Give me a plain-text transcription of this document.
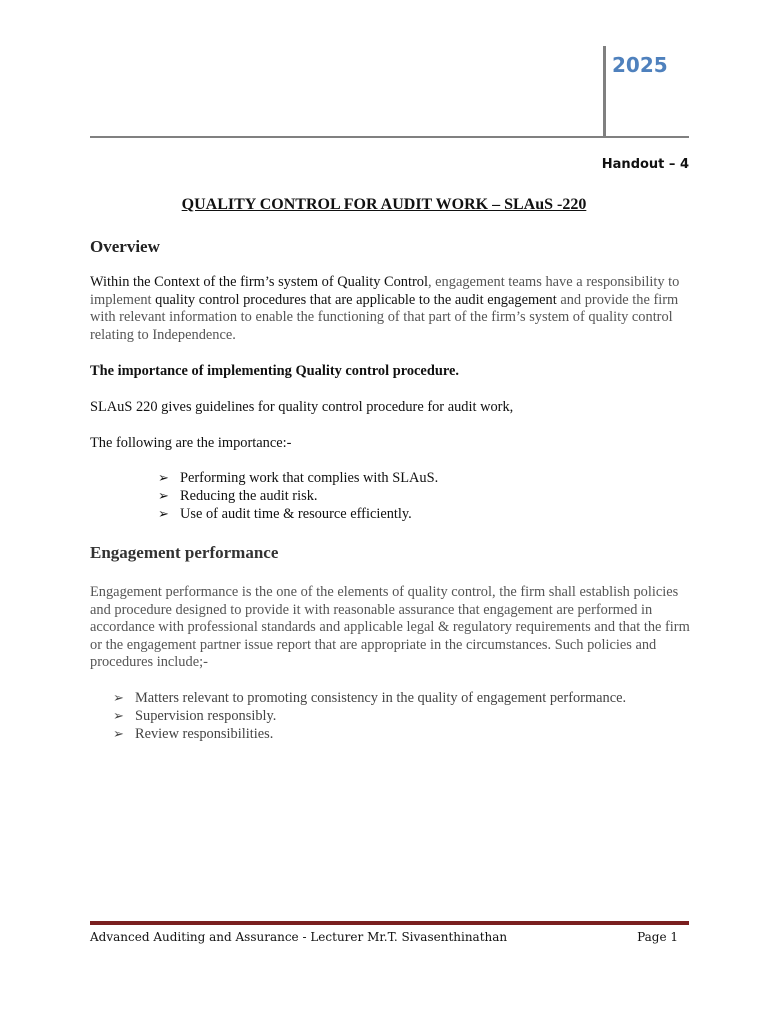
2025
Handout – 4
QUALITY CONTROL FOR AUDIT WORK – SLAuS -220
Overview

Within the Context of the firm’s system of Quality Control, engagement teams have a responsibility to implement quality control procedures that are applicable to the audit engagement and provide the firm with relevant information to enable the functioning of that part of the firm’s system of quality control relating to Independence.

The importance of implementing Quality control procedure.

SLAuS 220 gives guidelines for quality control procedure for audit work,

The following are the importance:-

➢ Performing work that complies with SLAuS.
➢ Reducing the audit risk.
➢ Use of audit time & resource efficiently.
Engagement performance

Engagement performance is the one of the elements of quality control, the firm shall establish policies and procedure designed to provide it with reasonable assurance that engagement are performed in accordance with professional standards and applicable legal & regulatory requirements and that the firm or the engagement partner issue report that are appropriate in the circumstances. Such policies and procedures include;-

➢ Matters relevant to promoting consistency in the quality of engagement performance.
➢ Supervision responsibly.
➢ Review responsibilities.
Advanced Auditing and Assurance - Lecturer Mr.T. Sivasenthinathan	Page 1
